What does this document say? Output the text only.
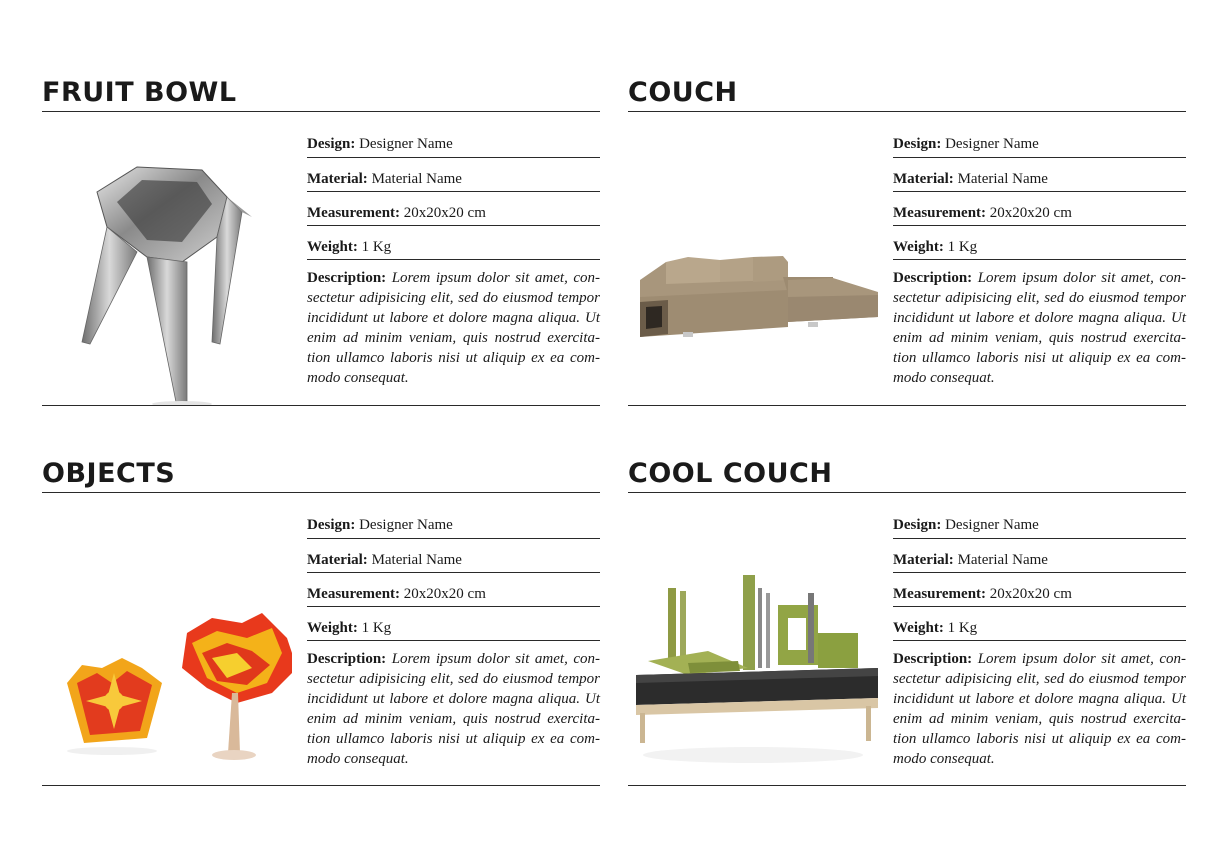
FRUIT BOWL
Design: Designer Name
Material: Material Name
Measurement: 20x20x20 cm
Weight: 1 Kg
Description: Lorem ipsum dolor sit amet, con-sectetur adipisicing elit, sed do eiusmod tempor incididunt ut labore et dolore magna aliqua. Ut enim ad minim veniam, quis nostrud exercita-tion ullamco laboris nisi ut aliquip ex ea com-modo consequat.
COUCH
Design: Designer Name
Material: Material Name
Measurement: 20x20x20 cm
Weight: 1 Kg
Description: Lorem ipsum dolor sit amet, con-sectetur adipisicing elit, sed do eiusmod tempor incididunt ut labore et dolore magna aliqua. Ut enim ad minim veniam, quis nostrud exercita-tion ullamco laboris nisi ut aliquip ex ea com-modo consequat.
OBJECTS
Design: Designer Name
Material: Material Name
Measurement: 20x20x20 cm
Weight: 1 Kg
Description: Lorem ipsum dolor sit amet, con-sectetur adipisicing elit, sed do eiusmod tempor incididunt ut labore et dolore magna aliqua. Ut enim ad minim veniam, quis nostrud exercita-tion ullamco laboris nisi ut aliquip ex ea com-modo consequat.
COOL COUCH
Design: Designer Name
Material: Material Name
Measurement: 20x20x20 cm
Weight: 1 Kg
Description: Lorem ipsum dolor sit amet, con-sectetur adipisicing elit, sed do eiusmod tempor incididunt ut labore et dolore magna aliqua. Ut enim ad minim veniam, quis nostrud exercita-tion ullamco laboris nisi ut aliquip ex ea com-modo consequat.
